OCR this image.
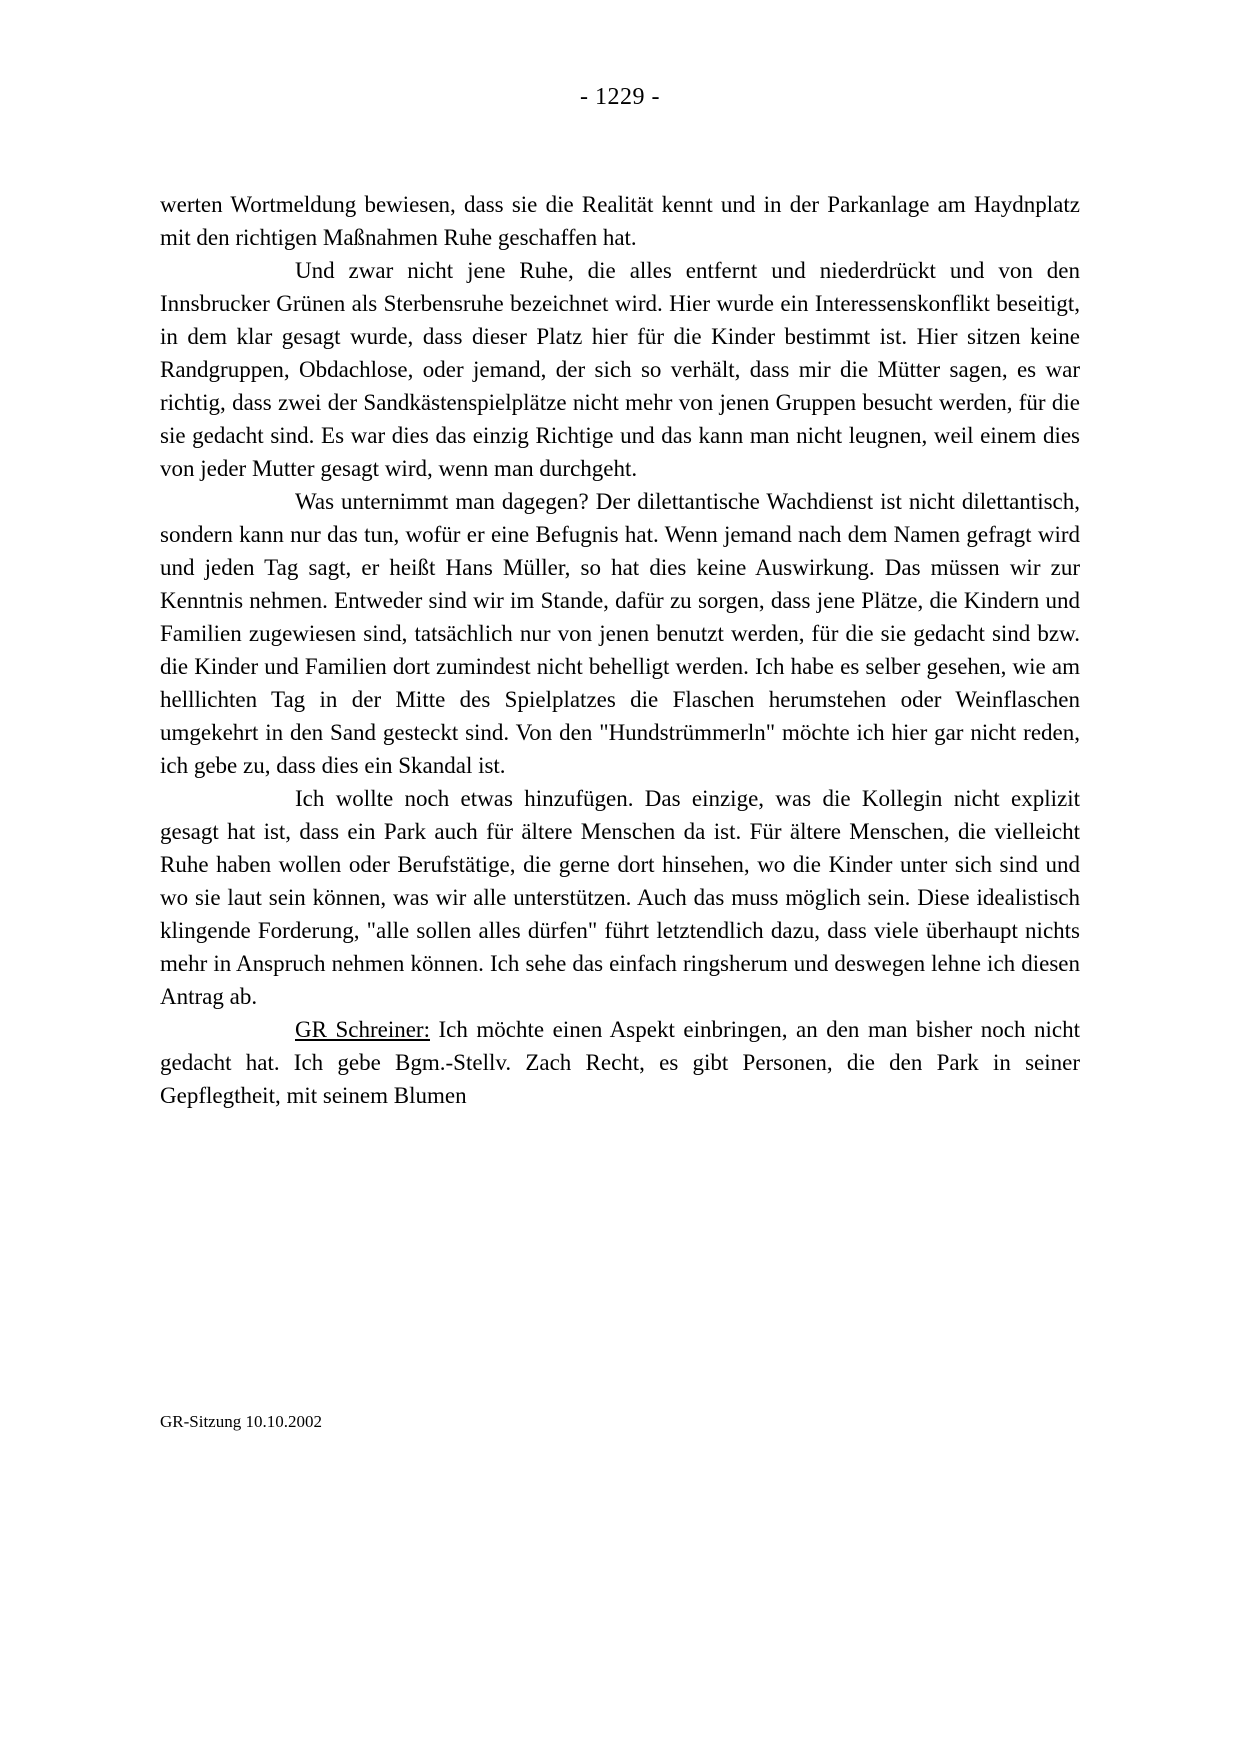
- 1229 -

werten Wortmeldung bewiesen, dass sie die Realität kennt und in der Parkanlage am Haydnplatz mit den richtigen Maßnahmen Ruhe geschaffen hat.

Und zwar nicht jene Ruhe, die alles entfernt und niederdrückt und von den Innsbrucker Grünen als Sterbensruhe bezeichnet wird. Hier wurde ein Interessenskonflikt beseitigt, in dem klar gesagt wurde, dass dieser Platz hier für die Kinder bestimmt ist. Hier sitzen keine Randgruppen, Obdachlose, oder jemand, der sich so verhält, dass mir die Mütter sagen, es war richtig, dass zwei der Sandkästenspielplätze nicht mehr von jenen Gruppen besucht werden, für die sie gedacht sind. Es war dies das einzig Richtige und das kann man nicht leugnen, weil einem dies von jeder Mutter gesagt wird, wenn man durchgeht.

Was unternimmt man dagegen? Der dilettantische Wachdienst ist nicht dilettantisch, sondern kann nur das tun, wofür er eine Befugnis hat. Wenn jemand nach dem Namen gefragt wird und jeden Tag sagt, er heißt Hans Müller, so hat dies keine Auswirkung. Das müssen wir zur Kenntnis nehmen. Entweder sind wir im Stande, dafür zu sorgen, dass jene Plätze, die Kindern und Familien zugewiesen sind, tatsächlich nur von jenen benutzt werden, für die sie gedacht sind bzw. die Kinder und Familien dort zumindest nicht behelligt werden. Ich habe es selber gesehen, wie am helllichten Tag in der Mitte des Spielplatzes die Flaschen herumstehen oder Weinflaschen umgekehrt in den Sand gesteckt sind. Von den "Hundstrümmerln" möchte ich hier gar nicht reden, ich gebe zu, dass dies ein Skandal ist.

Ich wollte noch etwas hinzufügen. Das einzige, was die Kollegin nicht explizit gesagt hat ist, dass ein Park auch für ältere Menschen da ist. Für ältere Menschen, die vielleicht Ruhe haben wollen oder Berufstätige, die gerne dort hinsehen, wo die Kinder unter sich sind und wo sie laut sein können, was wir alle unterstützen. Auch das muss möglich sein. Diese idealistisch klingende Forderung, "alle sollen alles dürfen" führt letztendlich dazu, dass viele überhaupt nichts mehr in Anspruch nehmen können. Ich sehe das einfach ringsherum und deswegen lehne ich diesen Antrag ab.

GR Schreiner: Ich möchte einen Aspekt einbringen, an den man bisher noch nicht gedacht hat. Ich gebe Bgm.-Stellv. Zach Recht, es gibt Personen, die den Park in seiner Gepflegtheit, mit seinem Blumen

GR-Sitzung 10.10.2002
